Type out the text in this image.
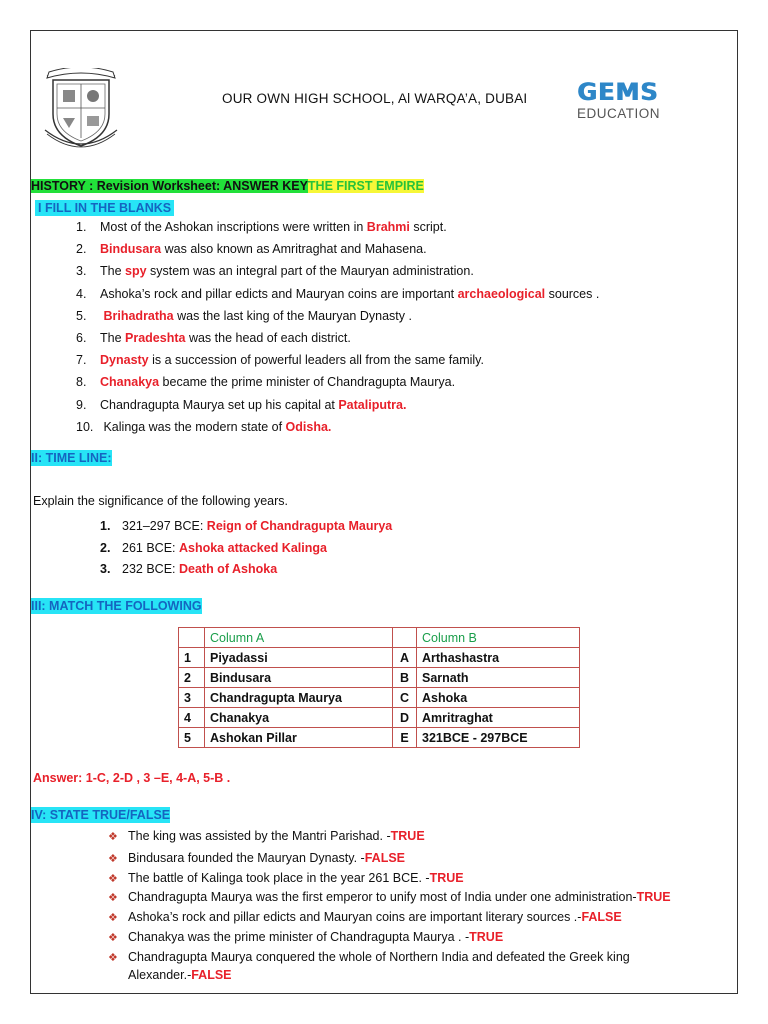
OUR OWN HIGH SCHOOL, Al WARQA’A, DUBAI GEMS
EDUCATION
HISTORY : Revision Worksheet: ANSWER KEYTHE FIRST EMPIRE
I FILL IN THE BLANKS
1. Most of the Ashokan inscriptions were written in Brahmi script.
2. Bindusara was also known as Amritraghat and Mahasena.
3. The spy system was an integral part of the Mauryan administration.
4. Ashoka’s rock and pillar edicts and Mauryan coins are important archaeological sources .
5. Brihadratha was the last king of the Mauryan Dynasty .
6. The Pradeshta was the head of each district.
7. Dynasty is a succession of powerful leaders all from the same family.
8. Chanakya became the prime minister of Chandragupta Maurya.
9. Chandragupta Maurya set up his capital at Pataliputra.
10. Kalinga was the modern state of Odisha.
II: TIME LINE:
Explain the significance of the following years.
1. 321–297 BCE: Reign of Chandragupta Maurya
2. 261 BCE: Ashoka attacked Kalinga
3. 232 BCE: Death of Ashoka
III: MATCH THE FOLLOWING
	Column A		Column B
1	Piyadassi	A	Arthashastra
2	Bindusara	B	Sarnath
3	Chandragupta Maurya	C	Ashoka
4	Chanakya	D	Amritraghat
5	Ashokan Pillar	E	321BCE - 297BCE
Answer: 1-C, 2-D , 3 –E, 4-A, 5-B .
IV: STATE TRUE/FALSE
❖ The king was assisted by the Mantri Parishad. -TRUE
❖ Bindusara founded the Mauryan Dynasty. -FALSE
❖ The battle of Kalinga took place in the year 261 BCE. -TRUE
❖ Chandragupta Maurya was the first emperor to unify most of India under one administration-TRUE
❖ Ashoka’s rock and pillar edicts and Mauryan coins are important literary sources .-FALSE
❖ Chanakya was the prime minister of Chandragupta Maurya . -TRUE
❖ Chandragupta Maurya conquered the whole of Northern India and defeated the Greek king
Alexander.-FALSE
